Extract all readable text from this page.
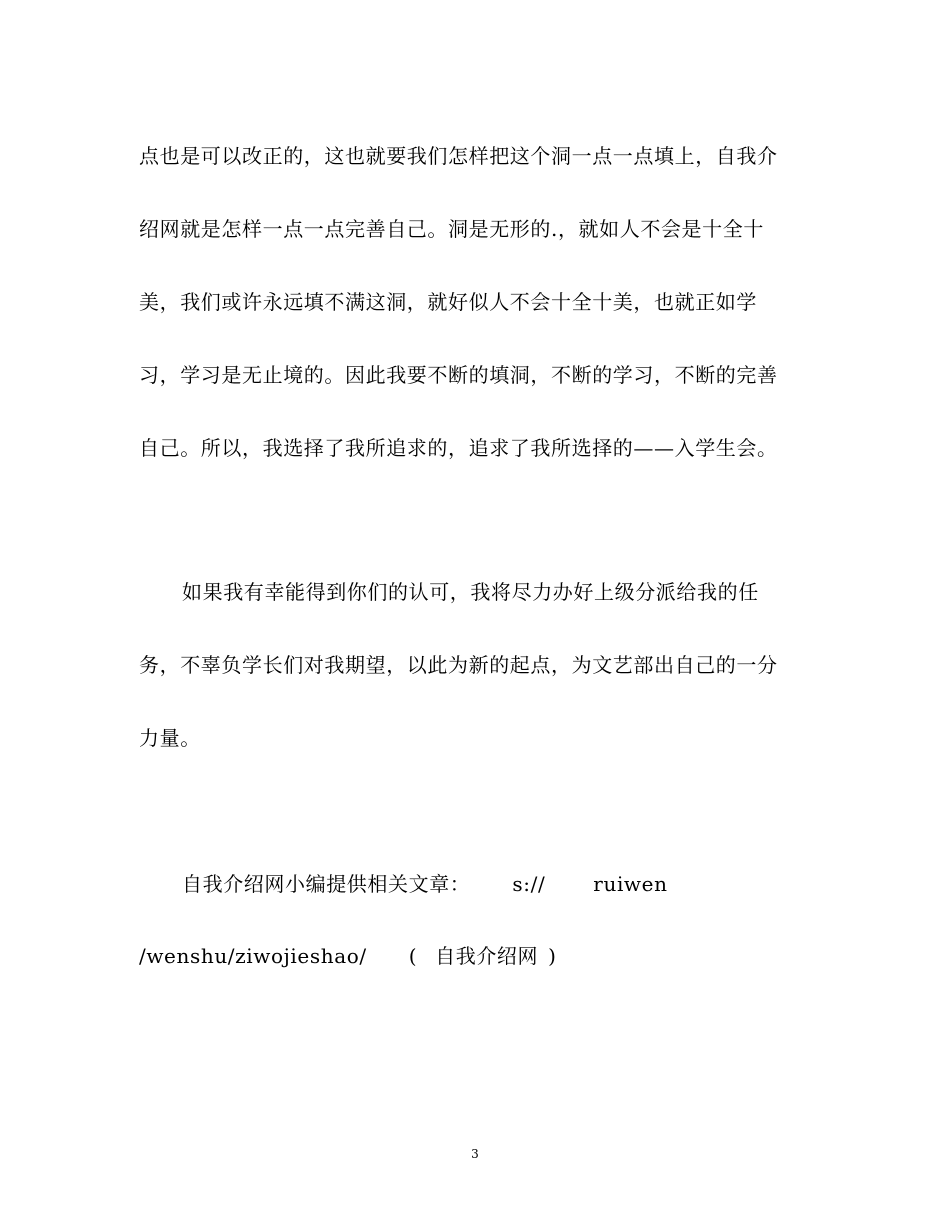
点也是可以改正的，这也就要我们怎样把这个洞一点一点填上，自我介
绍网就是怎样一点一点完善自己。洞是无形的.，就如人不会是十全十
美，我们或许永远填不满这洞，就好似人不会十全十美，也就正如学
习，学习是无止境的。因此我要不断的填洞，不断的学习，不断的完善
自己。所以，我选择了我所追求的，追求了我所选择的——入学生会。
如果我有幸能得到你们的认可，我将尽力办好上级分派给我的任
务，不辜负学长们对我期望，以此为新的起点，为文艺部出自己的一分
力量。
自我介绍网小编提供相关文章： s:// ruiwen
/wenshu/ziwojieshao/ ( 自我介绍网 )
3
